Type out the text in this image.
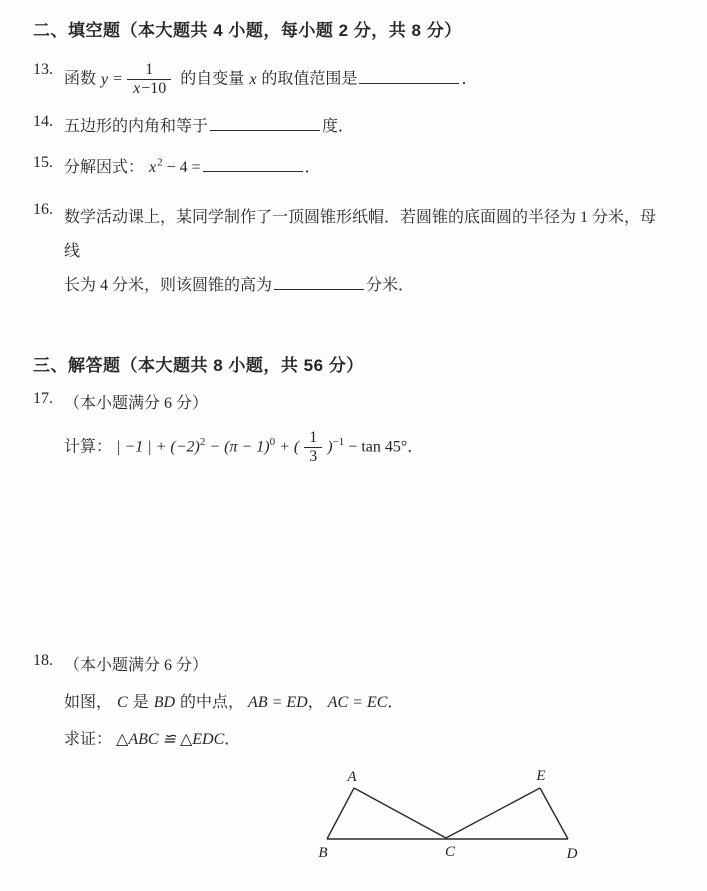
二、填空题（本大题共 4 小题，每小题 2 分，共 8 分）
13.
函数 $y = \frac{1}{x-10}$ 的自变量 x 的取值范围是	．
14. 五边形的内角和等于	度．
15. 分解因式： $x^2 - 4$ =	．
16. 数学活动课上，某同学制作了一顶圆锥形纸帽．若圆锥的底面圆的半径为 1 分米，母线
长为 4 分米，则该圆锥的高为	分米．
三、解答题（本大题共 8 小题，共 56 分）
17. （本小题满分 6 分）
计算： | −1 | + $(-2)^2 - (\pi - 1)^0$ + ( $\frac{1}{3} )^{-1} - \tan 45^\circ$．
18. （本小题满分 6 分）
如图， C 是 BD 的中点， AB = ED， AC = EC．
求证： △ABC ≌ △EDC．
A	E
B	C	D
